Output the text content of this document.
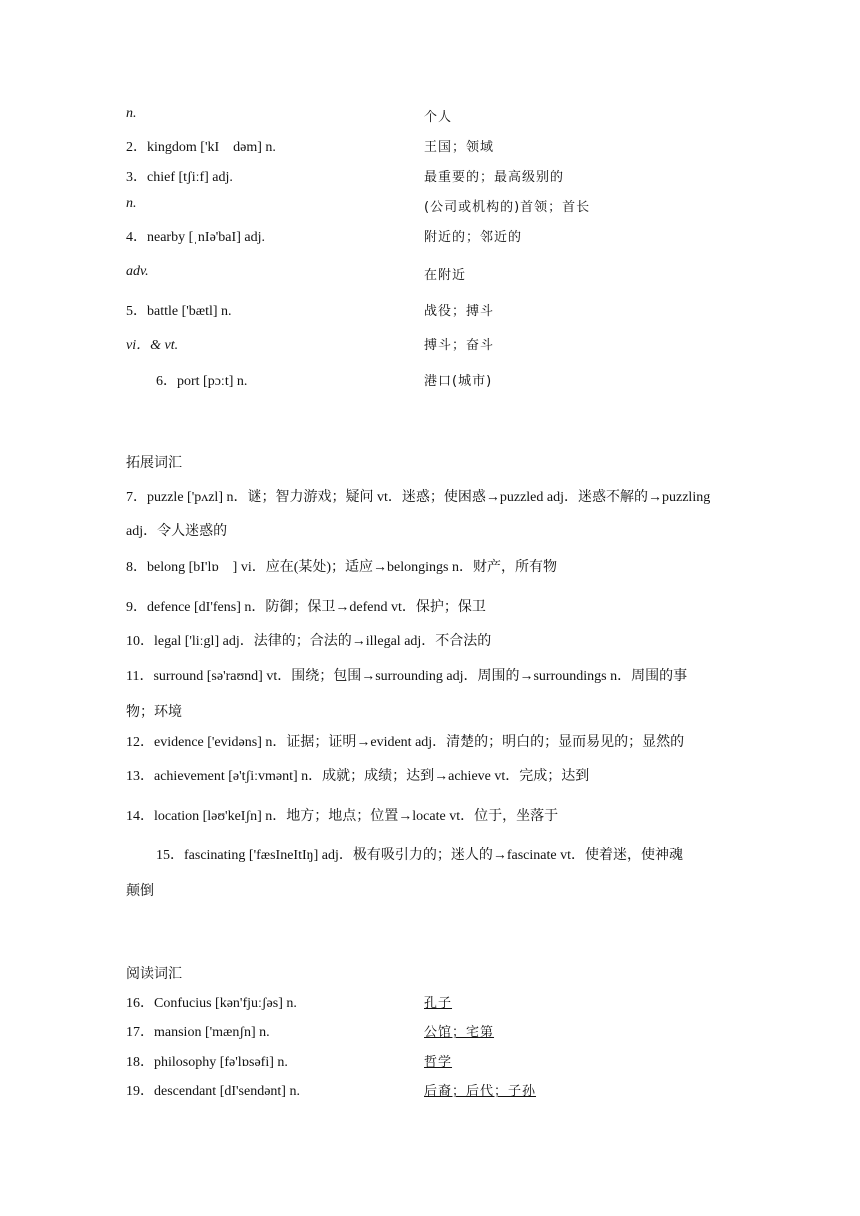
n.	个人
2．kingdom ['kI　dəm] n.	王国；领域
3．chief [tʃiːf] adj.	最重要的；最高级别的
n.	(公司或机构的)首领；首长
4．nearby [ˌnIə'baI] adj.	附近的；邻近的
adv.	在附近
5．battle ['bætl] n.	战役；搏斗
vi．& vt.	搏斗；奋斗
6．port [pɔːt] n.	港口(城市)
拓展词汇
7．puzzle ['pʌzl] n．谜；智力游戏；疑问 vt．迷惑；使困惑→puzzled adj．迷惑不解的→puzzling
adj．令人迷惑的
8．belong [bI'lɒ　] vi．应在(某处)；适应→belongings n．财产，所有物
9．defence [dI'fens] n．防御；保卫→defend vt．保护；保卫
10．legal ['liːgl] adj．法律的；合法的→illegal adj．不合法的
11．surround [sə'raʊnd] vt．围绕；包围→surrounding adj．周围的→surroundings n．周围的事
物；环境
12．evidence ['evidəns] n．证据；证明→evident adj．清楚的；明白的；显而易见的；显然的
13．achievement [ə'tʃiːvmənt] n．成就；成绩；达到→achieve vt．完成；达到
14．location [ləʊ'keIʃn] n．地方；地点；位置→locate vt．位于，坐落于
15．fascinating ['fæsIneItIŋ] adj．极有吸引力的；迷人的→fascinate vt．使着迷，使神魂
颠倒
阅读词汇
16．Confucius [kən'fjuːʃəs] n.	孔子
17．mansion ['mænʃn] n.	公馆；宅第
18．philosophy [fə'lɒsəfi] n.	哲学
19．descendant [dI'sendənt] n.	后裔；后代；子孙
